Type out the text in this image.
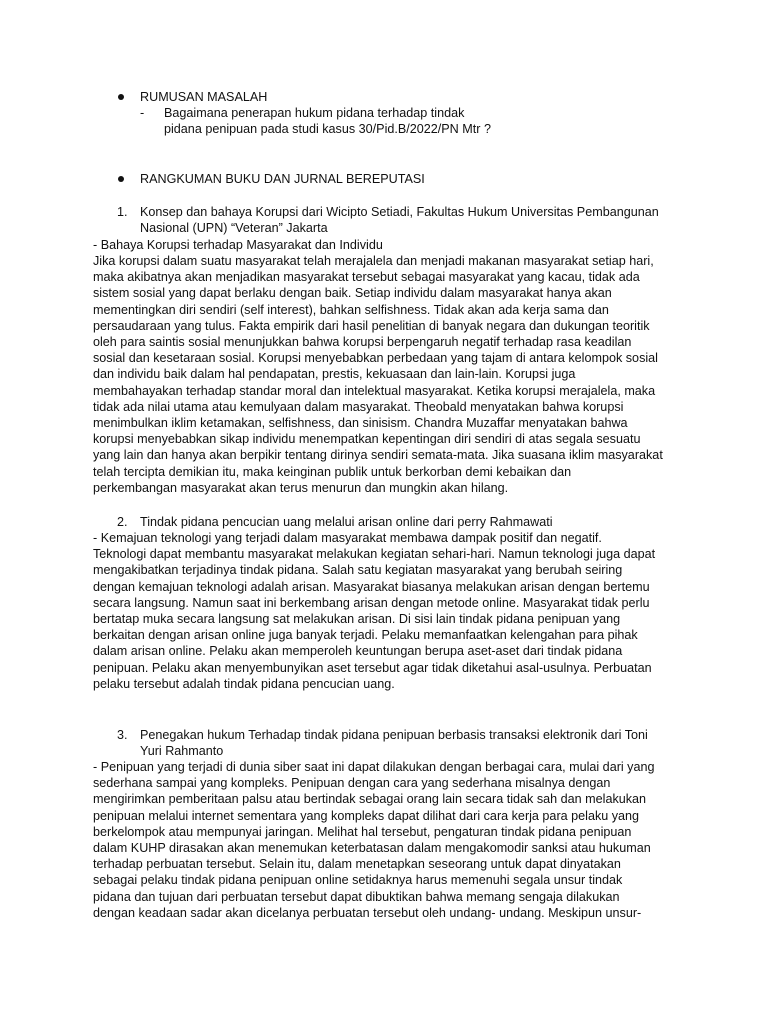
RUMUSAN MASALAH
- Bagaimana penerapan hukum pidana terhadap tindak
pidana penipuan pada studi kasus 30/Pid.B/2022/PN Mtr ?
RANGKUMAN BUKU DAN JURNAL BEREPUTASI
1. Konsep dan bahaya Korupsi dari Wicipto Setiadi, Fakultas Hukum Universitas Pembangunan
Nasional (UPN) “Veteran” Jakarta
- Bahaya Korupsi terhadap Masyarakat dan Individu

Jika korupsi dalam suatu masyarakat telah merajalela dan menjadi makanan masyarakat setiap hari,

maka akibatnya akan menjadikan masyarakat tersebut sebagai masyarakat yang kacau, tidak ada

sistem sosial yang dapat berlaku dengan baik. Setiap individu dalam masyarakat hanya akan

mementingkan diri sendiri (self interest), bahkan selfishness. Tidak akan ada kerja sama dan

persaudaraan yang tulus. Fakta empirik dari hasil penelitian di banyak negara dan dukungan teoritik

oleh para saintis sosial menunjukkan bahwa korupsi berpengaruh negatif terhadap rasa keadilan

sosial dan kesetaraan sosial. Korupsi menyebabkan perbedaan yang tajam di antara kelompok sosial

dan individu baik dalam hal pendapatan, prestis, kekuasaan dan lain-lain. Korupsi juga

membahayakan terhadap standar moral dan intelektual masyarakat. Ketika korupsi merajalela, maka

tidak ada nilai utama atau kemulyaan dalam masyarakat. Theobald menyatakan bahwa korupsi

menimbulkan iklim ketamakan, selfishness, dan sinisism. Chandra Muzaffar menyatakan bahwa

korupsi menyebabkan sikap individu menempatkan kepentingan diri sendiri di atas segala sesuatu

yang lain dan hanya akan berpikir tentang dirinya sendiri semata-mata. Jika suasana iklim masyarakat

telah tercipta demikian itu, maka keinginan publik untuk berkorban demi kebaikan dan

perkembangan masyarakat akan terus menurun dan mungkin akan hilang.

2. Tindak pidana pencucian uang melalui arisan online dari perry Rahmawati

- Kemajuan teknologi yang terjadi dalam masyarakat membawa dampak positif dan negatif.

Teknologi dapat membantu masyarakat melakukan kegiatan sehari-hari. Namun teknologi juga dapat

mengakibatkan terjadinya tindak pidana. Salah satu kegiatan masyarakat yang berubah seiring

dengan kemajuan teknologi adalah arisan. Masyarakat biasanya melakukan arisan dengan bertemu

secara langsung. Namun saat ini berkembang arisan dengan metode online. Masyarakat tidak perlu

bertatap muka secara langsung sat melakukan arisan. Di sisi lain tindak pidana penipuan yang

berkaitan dengan arisan online juga banyak terjadi. Pelaku memanfaatkan kelengahan para pihak

dalam arisan online. Pelaku akan memperoleh keuntungan berupa aset-aset dari tindak pidana

penipuan. Pelaku akan menyembunyikan aset tersebut agar tidak diketahui asal-usulnya. Perbuatan

pelaku tersebut adalah tindak pidana pencucian uang.

3. Penegakan hukum Terhadap tindak pidana penipuan berbasis transaksi elektronik dari Toni
Yuri Rahmanto

- Penipuan yang terjadi di dunia siber saat ini dapat dilakukan dengan berbagai cara, mulai dari yang

sederhana sampai yang kompleks. Penipuan dengan cara yang sederhana misalnya dengan

mengirimkan pemberitaan palsu atau bertindak sebagai orang lain secara tidak sah dan melakukan

penipuan melalui internet sementara yang kompleks dapat dilihat dari cara kerja para pelaku yang

berkelompok atau mempunyai jaringan. Melihat hal tersebut, pengaturan tindak pidana penipuan

dalam KUHP dirasakan akan menemukan keterbatasan dalam mengakomodir sanksi atau hukuman

terhadap perbuatan tersebut. Selain itu, dalam menetapkan seseorang untuk dapat dinyatakan

sebagai pelaku tindak pidana penipuan online setidaknya harus memenuhi segala unsur tindak

pidana dan tujuan dari perbuatan tersebut dapat dibuktikan bahwa memang sengaja dilakukan

dengan keadaan sadar akan dicelanya perbuatan tersebut oleh undang- undang. Meskipun unsur-
